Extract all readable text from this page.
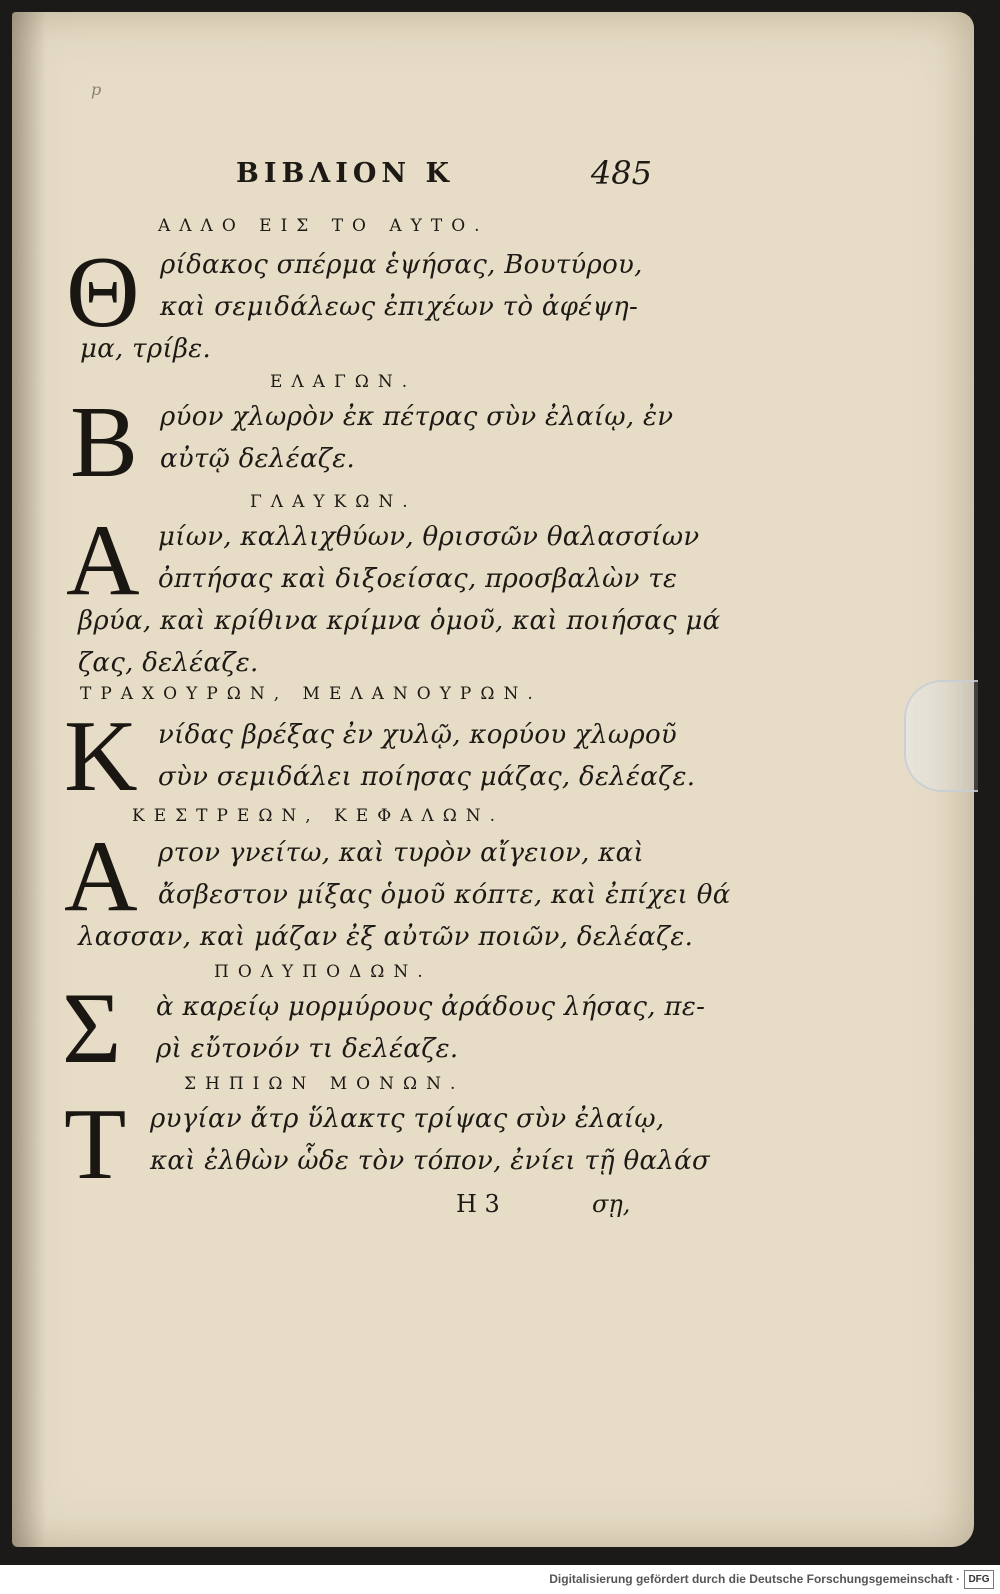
p
ΒΙΒΛΙΟΝ Κ	485
ΑΛΛΟ ΕΙΣ ΤΟ ΑΥΤΟ.
Θ ρίδακος σπέρμα ἑψήσας, Βουτύρου,
καὶ σεμιδάλεως ἐπιχέων τὸ ἀφέψη-
μα, τρίβε.
ΕΛΑΓΩΝ.
Β ρύον χλωρὸν ἐκ πέτρας σὺν ἐλαίῳ, ἐν
αὐτῷ δελέαζε.
ΓΛΑΥΚΩΝ.
Α μίων, καλλιχθύων, θρισσῶν θαλασσίων
ὀπτήσας καὶ διξοείσας, προσβαλὼν τε
βρύα, καὶ κρίθινα κρίμνα ὁμοῦ, καὶ ποιήσας μά
ζας, δελέαζε.
ΤΡΑΧΟΥΡΩΝ, ΜΕΛΑΝΟΥΡΩΝ.
Κ νίδας βρέξας ἐν χυλῷ, κορύου χλωροῦ
σὺν σεμιδάλει ποίησας μάζας, δελέαζε.
ΚΕΣΤΡΕΩΝ, ΚΕΦΑΛΩΝ.
Α ρτον γνείτω, καὶ τυρὸν αἴγειον, καὶ
ἄσβεστον μίξας ὁμοῦ κόπτε, καὶ ἐπίχει θά
λασσαν, καὶ μάζαν ἐξ αὐτῶν ποιῶν, δελέαζε.
ΠΟΛΥΠΟΔΩΝ.
Σ ὰ καρείῳ μορμύρους ἀράδους λήσας, πε-
ρὶ εὔτονόν τι δελέαζε.
ΣΗΠΙΩΝ ΜΟΝΩΝ.
Τ ρυγίαν ἄτρ ὕλακτς τρίψας σὺν ἐλαίῳ,
καὶ ἐλθὼν ὧδε τὸν τόπον, ἐνίει τῇ θαλάσ
Η 3	σῃ,
Digitalisierung gefördert durch die Deutsche Forschungsgemeinschaft · DFG
